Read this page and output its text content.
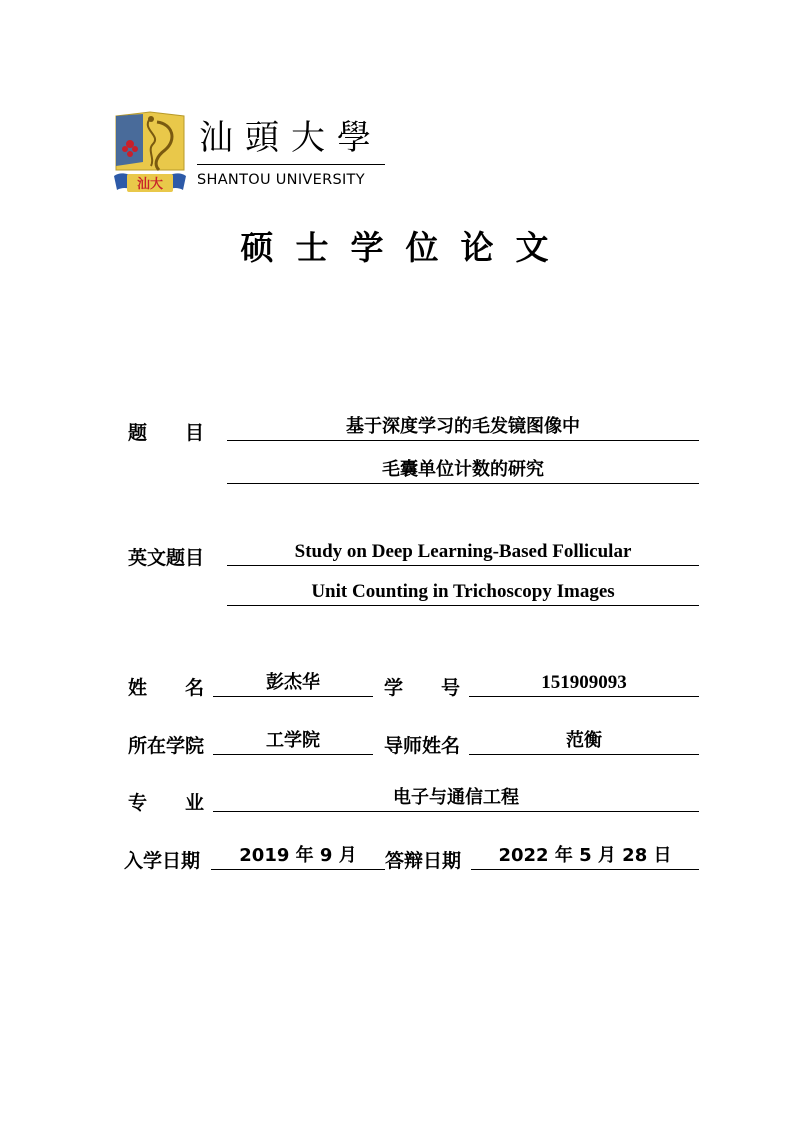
汕大
汕頭大學
SHANTOU UNIVERSITY
硕士学位论文
题　　目	基于深度学习的毛发镜图像中
毛囊单位计数的研究
英文题目	Study on Deep Learning-Based Follicular
Unit Counting in Trichoscopy Images
姓　　名	彭杰华	学　　号	151909093
所在学院	工学院	导师姓名	范衡
专　　业	电子与通信工程
入学日期	2019 年 9 月	答辩日期	2022 年 5 月 28 日
